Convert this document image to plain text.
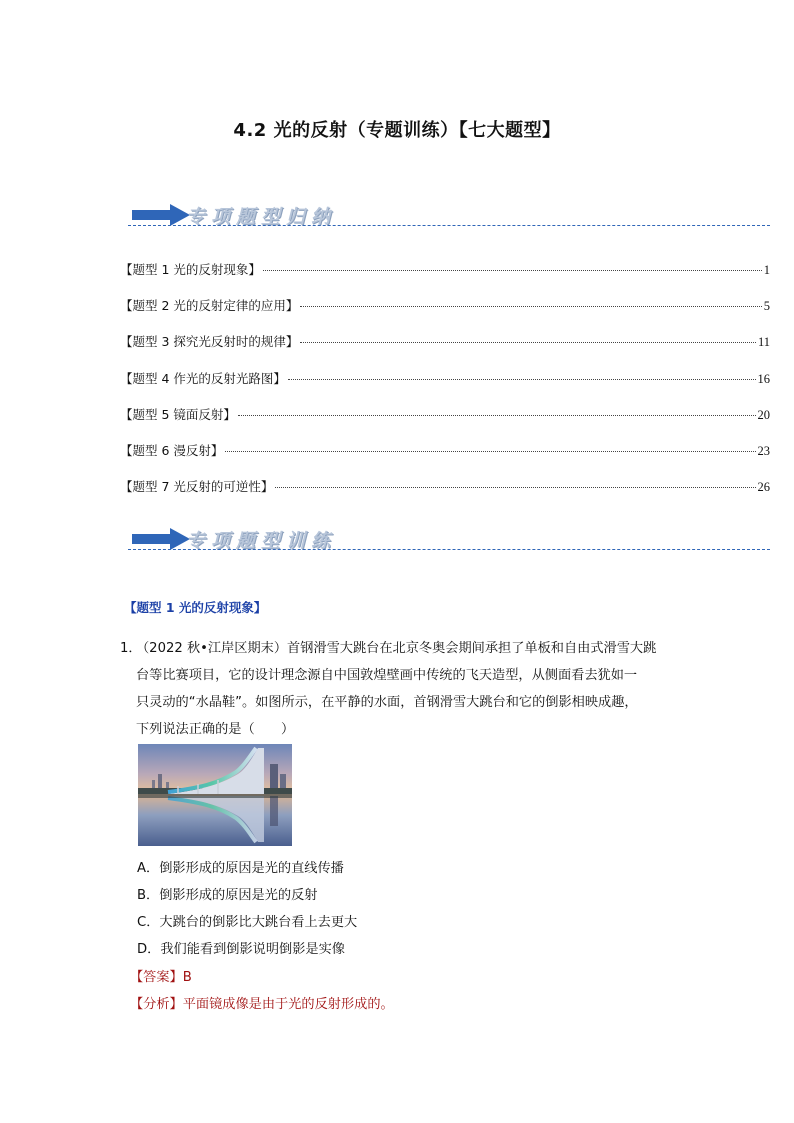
4.2 光的反射（专题训练）【七大题型】
专项题型归纳
【题型 1 光的反射现象】	1
【题型 2 光的反射定律的应用】	5
【题型 3 探究光反射时的规律】	11
【题型 4 作光的反射光路图】	16
【题型 5 镜面反射】	20
【题型 6 漫反射】	23
【题型 7 光反射的可逆性】	26
专项题型训练
【题型 1 光的反射现象】
1．
（2022 秋•江岸区期末）首钢滑雪大跳台在北京冬奥会期间承担了单板和自由式滑雪大跳
台等比赛项目，它的设计理念源自中国敦煌壁画中传统的飞天造型，从侧面看去犹如一
只灵动的“水晶鞋”。如图所示，在平静的水面，首钢滑雪大跳台和它的倒影相映成趣，
下列说法正确的是（　　）
A．倒影形成的原因是光的直线传播
B．倒影形成的原因是光的反射
C．大跳台的倒影比大跳台看上去更大
D．我们能看到倒影说明倒影是实像
【答案】B
【分析】平面镜成像是由于光的反射形成的。
